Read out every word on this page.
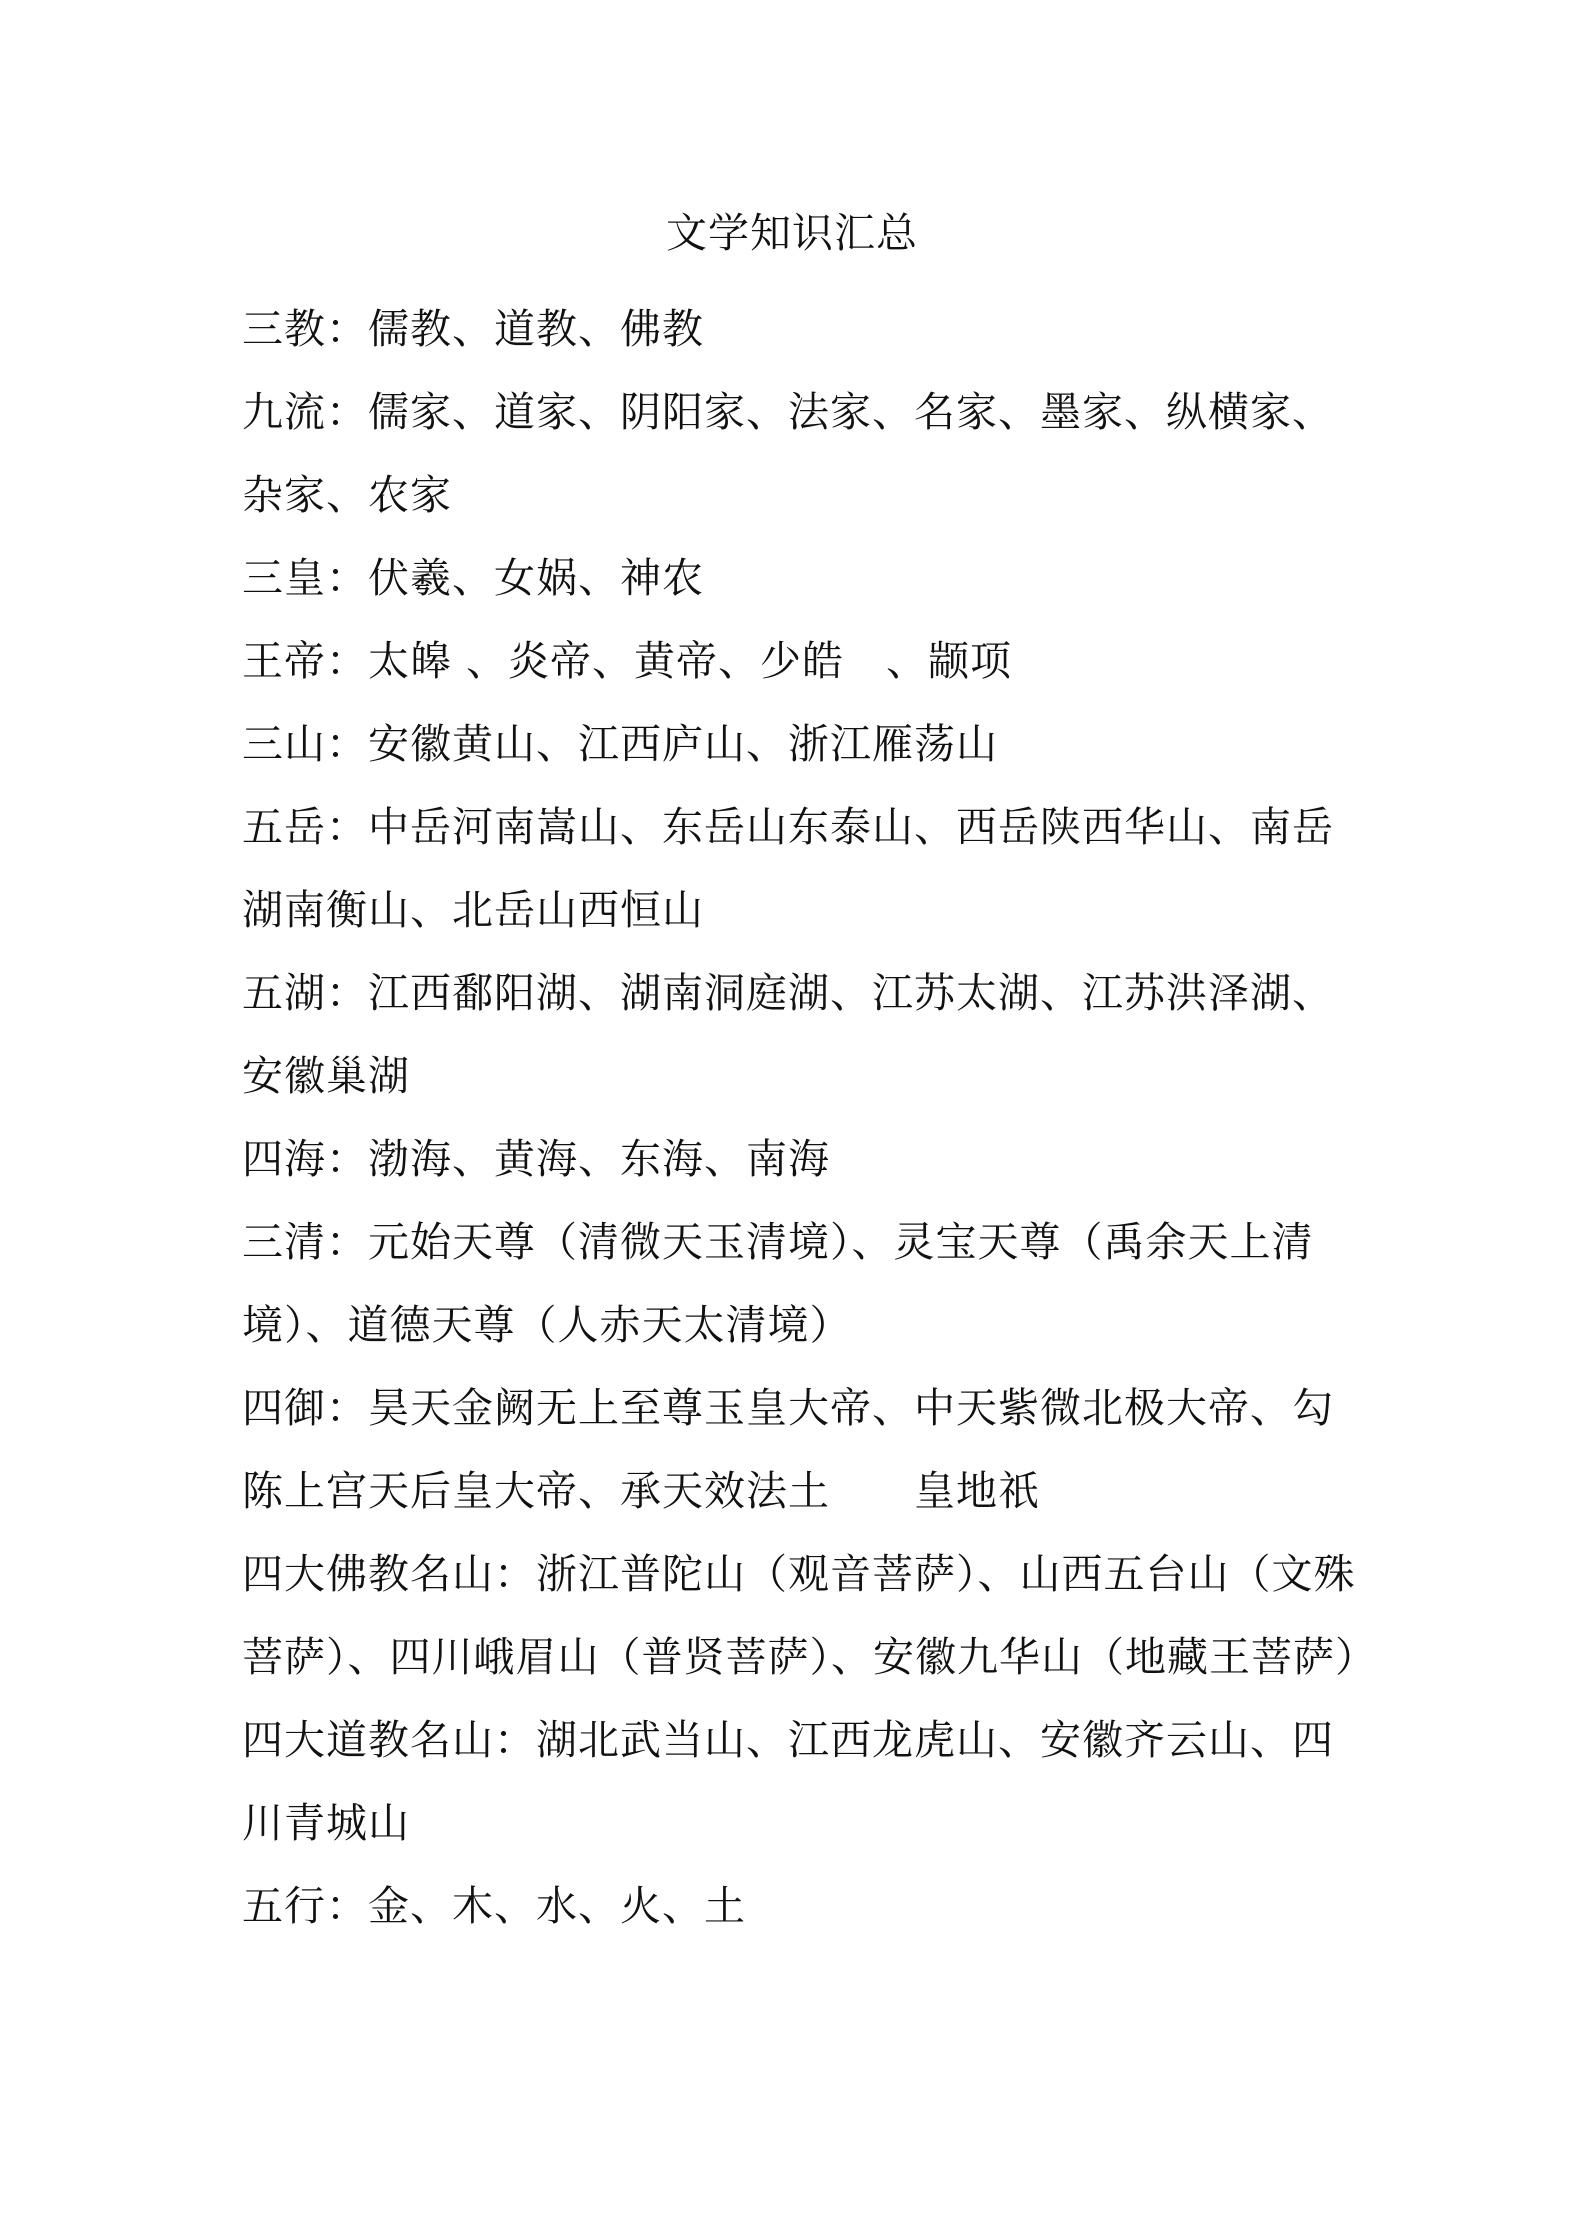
文学知识汇总

三教：儒教、道教、佛教

九流：儒家、道家、阴阳家、法家、名家、墨家、纵横家、杂家、农家

三皇：伏羲、女娲、神农

王帝：太皞 、炎帝、黄帝、少皓　、颛项

三山：安徽黄山、江西庐山、浙江雁荡山

五岳：中岳河南嵩山、东岳山东泰山、西岳陕西华山、南岳湖南衡山、北岳山西恒山

五湖：江西鄱阳湖、湖南洞庭湖、江苏太湖、江苏洪泽湖、安徽巢湖

四海：渤海、黄海、东海、南海

三清：元始天尊（清微天玉清境）、灵宝天尊（禹余天上清境）、道德天尊（人赤天太清境）

四御：昊天金阙无上至尊玉皇大帝、中天紫微北极大帝、勾陈上宫天后皇大帝、承天效法土　　皇地祇

四大佛教名山：浙江普陀山（观音菩萨）、山西五台山（文殊菩萨）、四川峨眉山（普贤菩萨）、安徽九华山（地藏王菩萨）

四大道教名山：湖北武当山、江西龙虎山、安徽齐云山、四川青城山

五行：金、木、水、火、土
